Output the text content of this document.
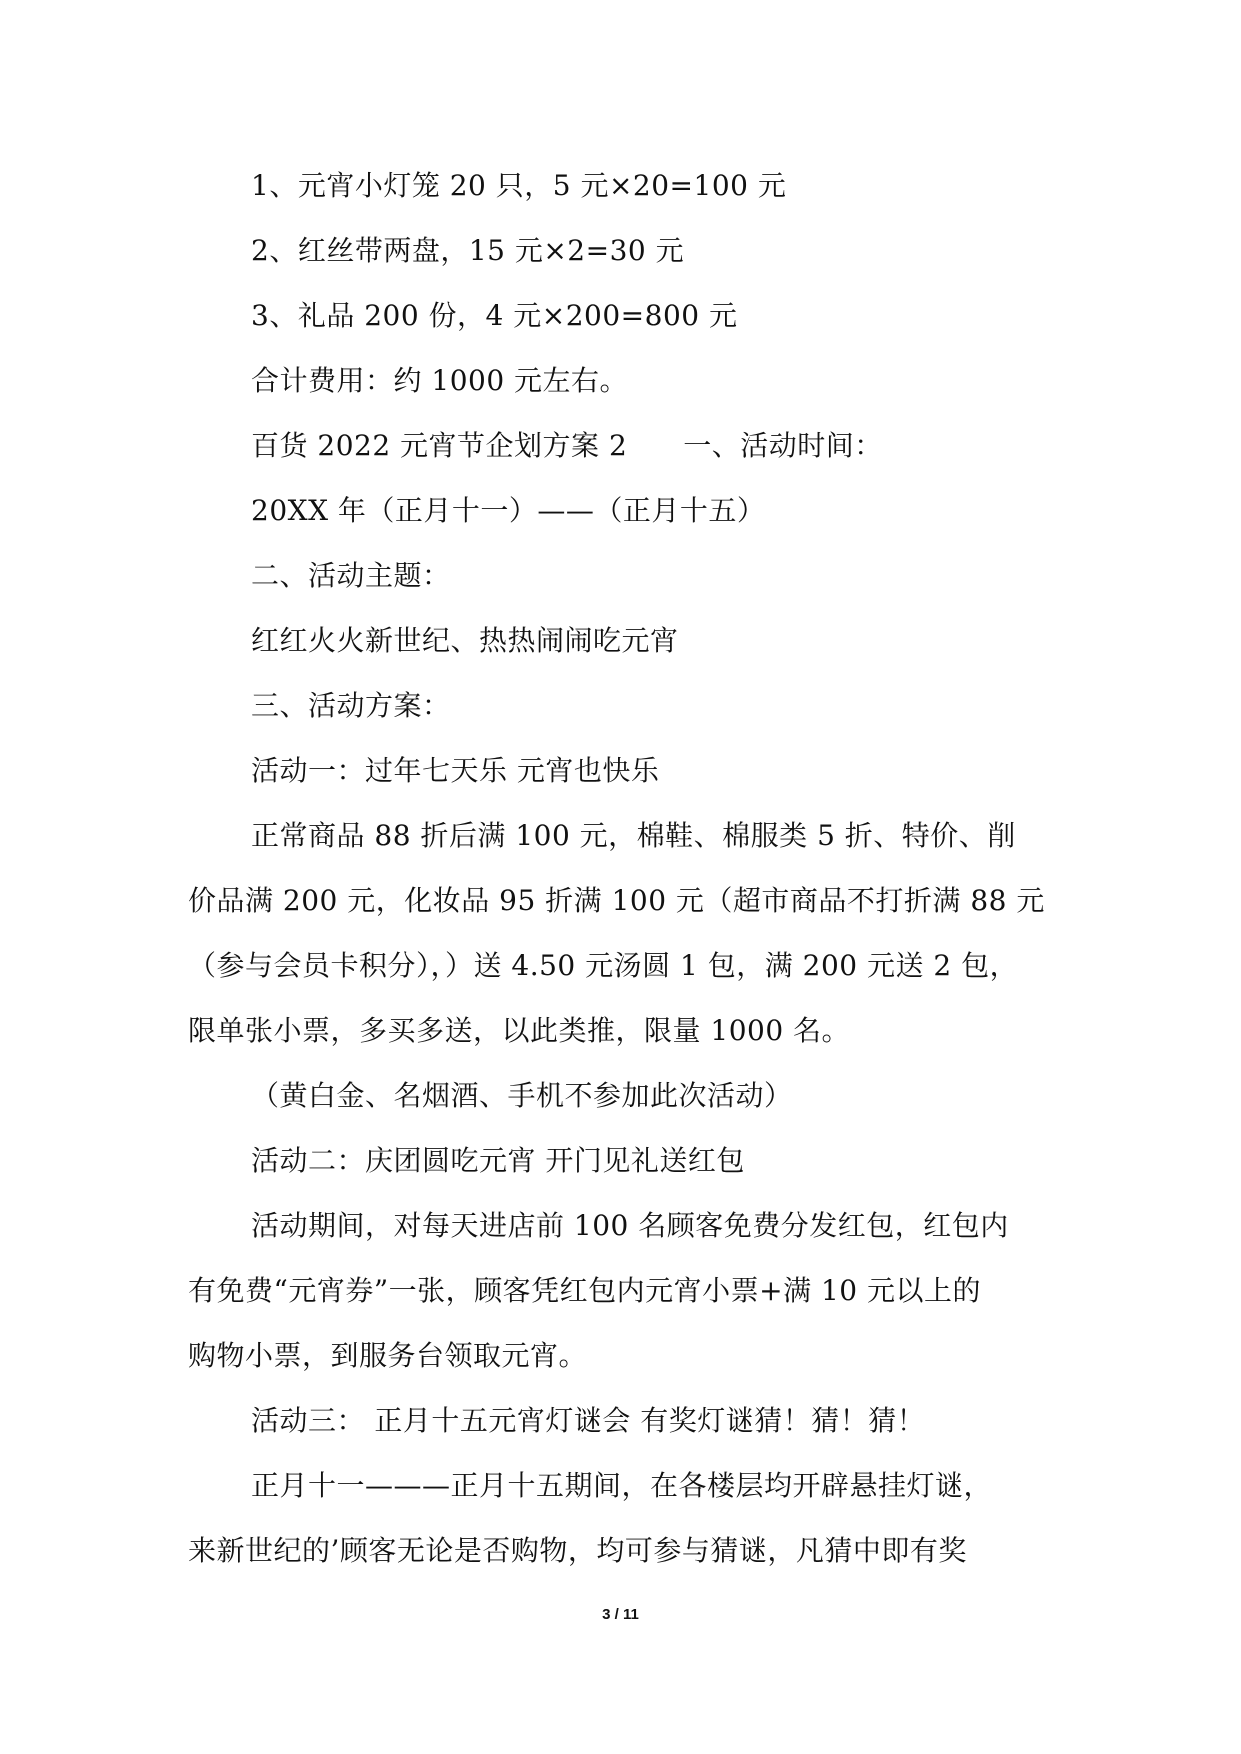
1、元宵小灯笼 20 只，5 元×20=100 元
2、红丝带两盘，15 元×2=30 元
3、礼品 200 份，4 元×200=800 元
合计费用：约 1000 元左右。
百货 2022 元宵节企划方案 2 一、活动时间：
20XX 年（正月十一）——（正月十五）
二、活动主题：
红红火火新世纪、热热闹闹吃元宵
三、活动方案：
活动一：过年七天乐 元宵也快乐
正常商品 88 折后满 100 元，棉鞋、棉服类 5 折、特价、削
价品满 200 元，化妆品 95 折满 100 元（超市商品不打折满 88 元
（参与会员卡积分），）送 4.50 元汤圆 1 包，满 200 元送 2 包，
限单张小票，多买多送，以此类推，限量 1000 名。
（黄白金、名烟酒、手机不参加此次活动）
活动二：庆团圆吃元宵 开门见礼送红包
活动期间，对每天进店前 100 名顾客免费分发红包，红包内
有免费“元宵券”一张，顾客凭红包内元宵小票+满 10 元以上的
购物小票，到服务台领取元宵。
活动三： 正月十五元宵灯谜会 有奖灯谜猜！猜！猜！
正月十一———正月十五期间，在各楼层均开辟悬挂灯谜，
来新世纪的’顾客无论是否购物，均可参与猜谜，凡猜中即有奖
3 / 11
